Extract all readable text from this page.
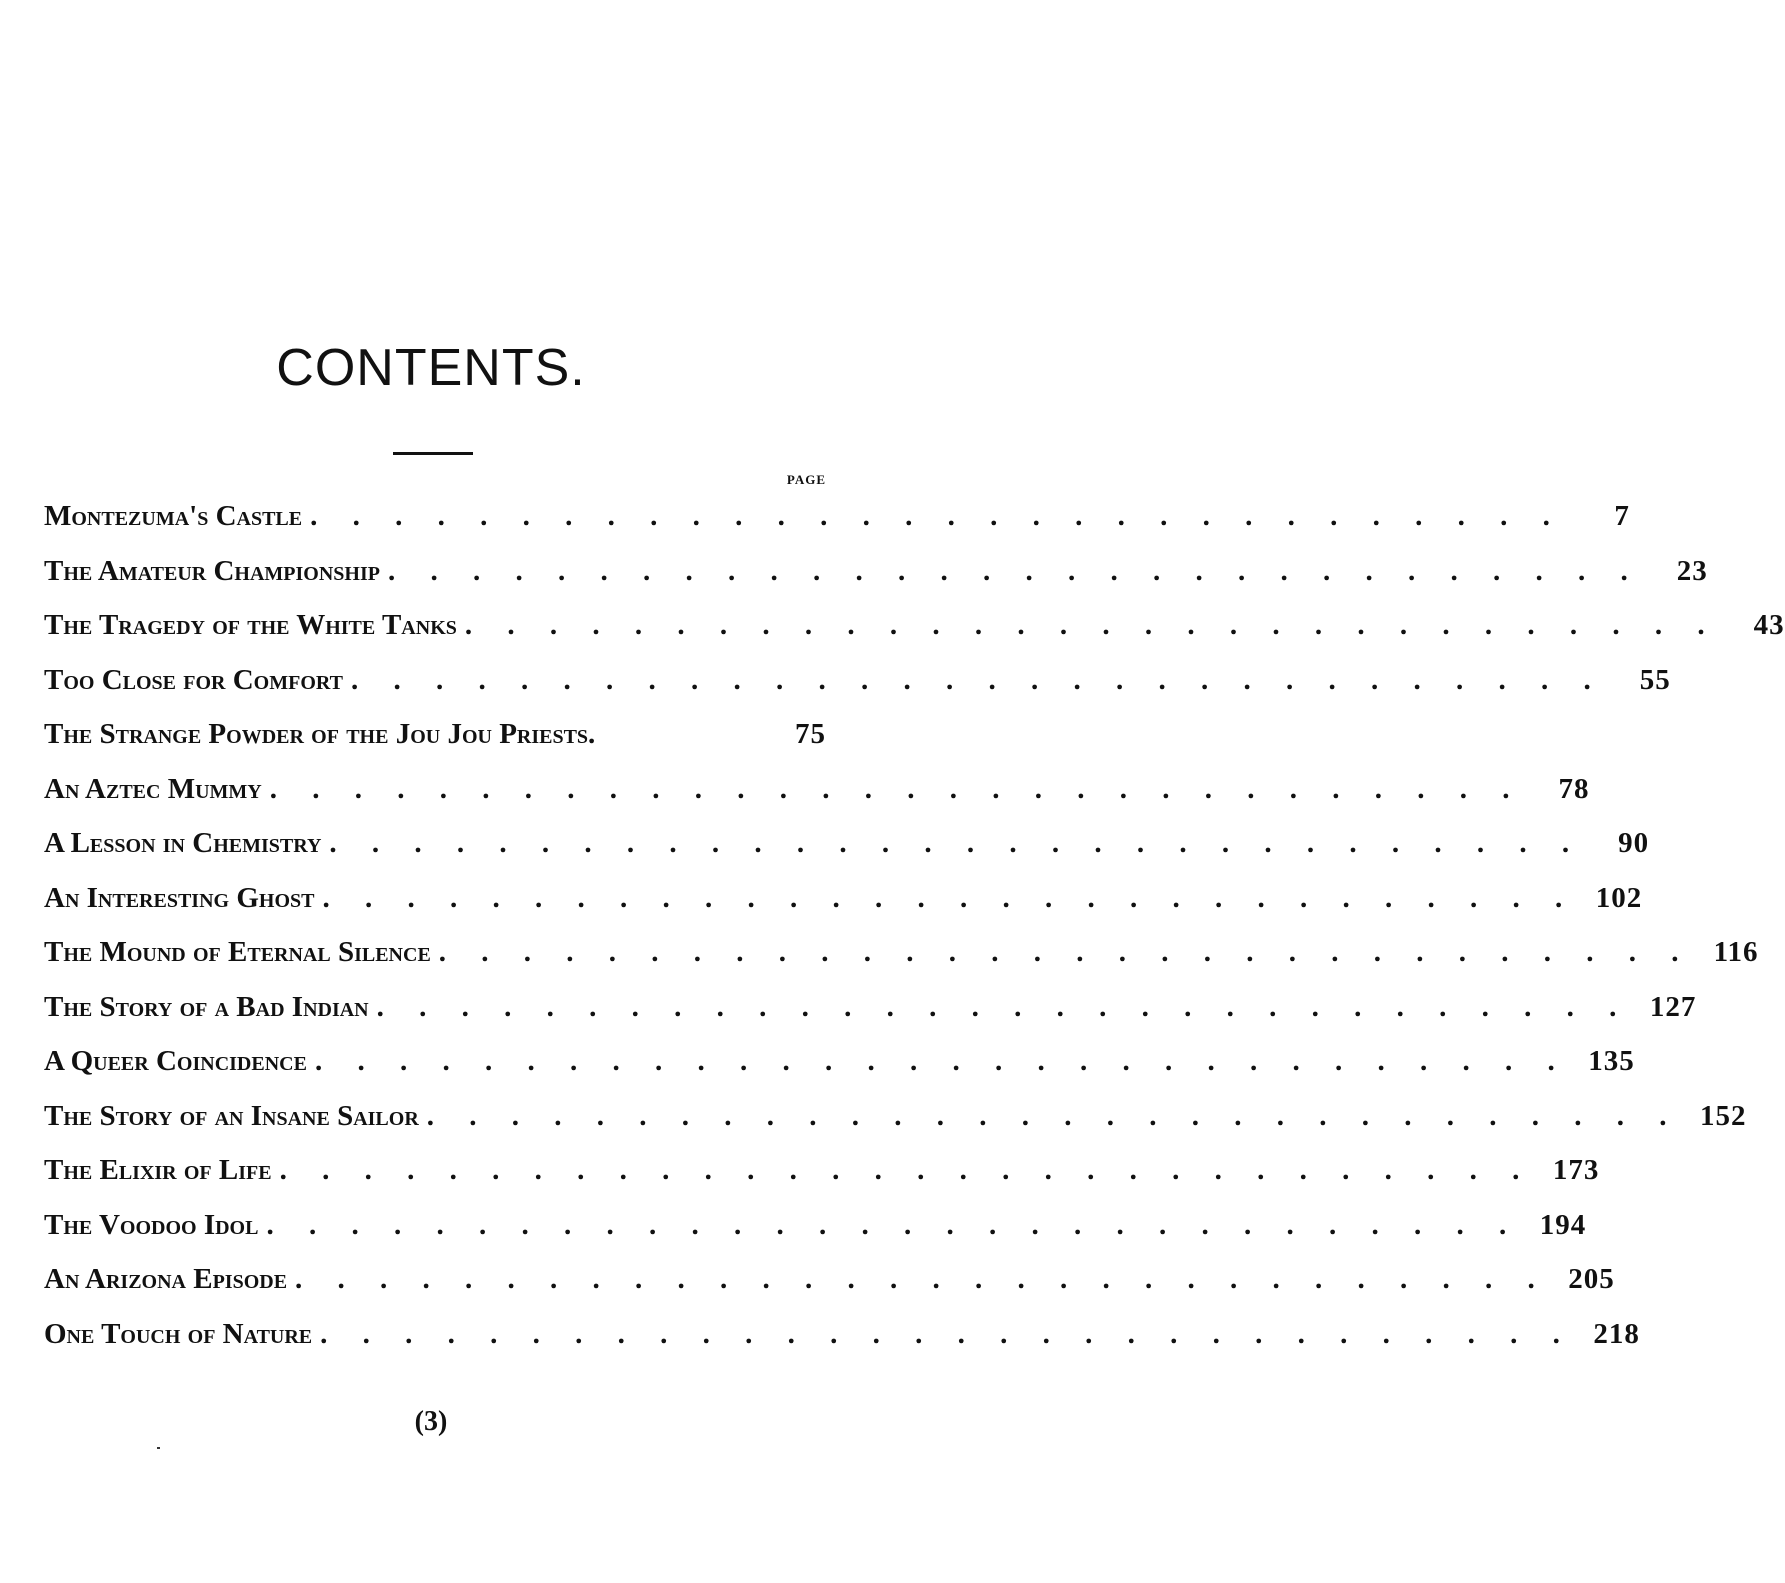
CONTENTS.
PAGE
Montezuma's Castle . . . . . . . . . . . . . . . . . . . . . . . . . . . . . .	7
The Amateur Championship . . . . . . . . . . . . . . . . . . . . . . . . . . . . . .	23
The Tragedy of the White Tanks . . . . . . . . . . . . . . . . . . . . . . . . . . . . . .	43
Too Close for Comfort . . . . . . . . . . . . . . . . . . . . . . . . . . . . . .	55
The Strange Powder of the Jou Jou Priests.	75
An Aztec Mummy . . . . . . . . . . . . . . . . . . . . . . . . . . . . . .	78
A Lesson in Chemistry . . . . . . . . . . . . . . . . . . . . . . . . . . . . . .	90
An Interesting Ghost . . . . . . . . . . . . . . . . . . . . . . . . . . . . . . 102
The Mound of Eternal Silence . . . . . . . . . . . . . . . . . . . . . . . . . . . . . . 116
The Story of a Bad Indian . . . . . . . . . . . . . . . . . . . . . . . . . . . . . . 127
A Queer Coincidence . . . . . . . . . . . . . . . . . . . . . . . . . . . . . . 135
The Story of an Insane Sailor . . . . . . . . . . . . . . . . . . . . . . . . . . . . . . 152
The Elixir of Life . . . . . . . . . . . . . . . . . . . . . . . . . . . . . . 173
The Voodoo Idol . . . . . . . . . . . . . . . . . . . . . . . . . . . . . . 194
An Arizona Episode . . . . . . . . . . . . . . . . . . . . . . . . . . . . . . 205
One Touch of Nature . . . . . . . . . . . . . . . . . . . . . . . . . . . . . . 218
(3)
